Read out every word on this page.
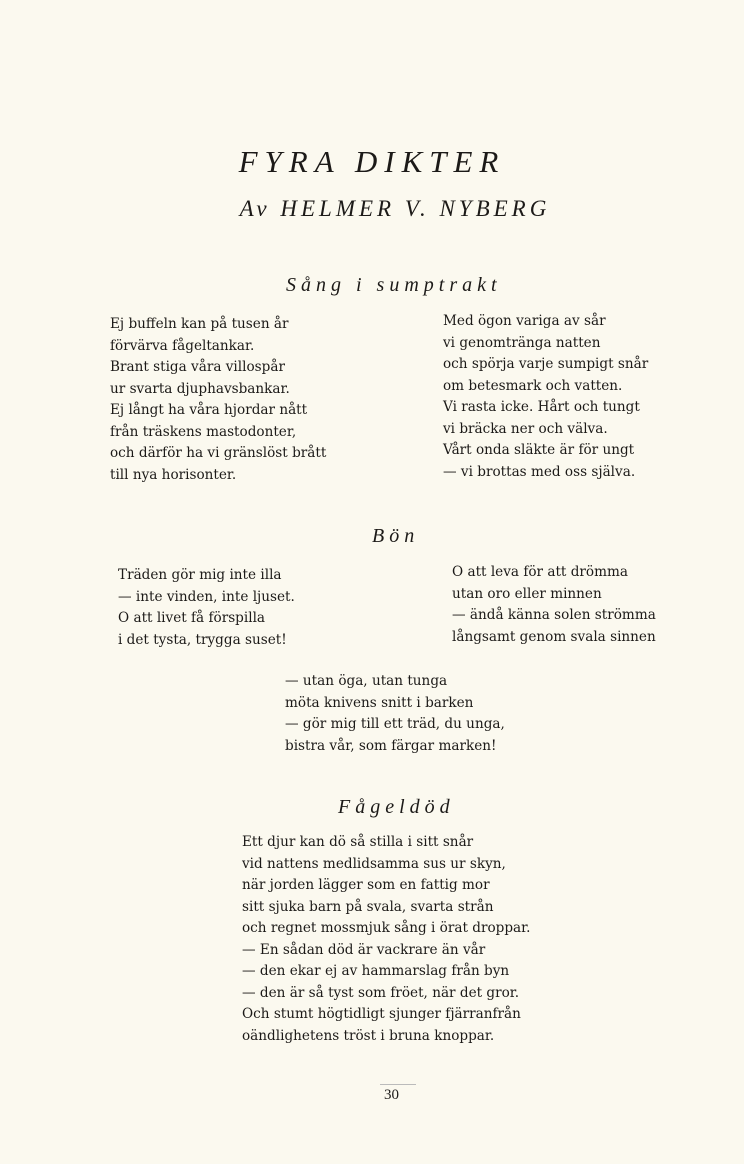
FYRA DIKTER
Av HELMER V. NYBERG
Sång i sumptrakt
Ej buffeln kan på tusen år
förvärva fågeltankar.
Brant stiga våra villospår
ur svarta djuphavsbankar.
Ej långt ha våra hjordar nått
från träskens mastodonter,
och därför ha vi gränslöst brått
till nya horisonter.
Med ögon variga av sår
vi genomtränga natten
och spörja varje sumpigt snår
om betesmark och vatten.
Vi rasta icke. Hårt och tungt
vi bräcka ner och välva.
Vårt onda släkte är för ungt
— vi brottas med oss själva.
Bön
Träden gör mig inte illa
— inte vinden, inte ljuset.
O att livet få förspilla
i det tysta, trygga suset!
O att leva för att drömma
utan oro eller minnen
— ändå känna solen strömma
långsamt genom svala sinnen
— utan öga, utan tunga
möta knivens snitt i barken
— gör mig till ett träd, du unga,
bistra vår, som färgar marken!
Fågeldöd
Ett djur kan dö så stilla i sitt snår
vid nattens medlidsamma sus ur skyn,
när jorden lägger som en fattig mor
sitt sjuka barn på svala, svarta strån
och regnet mossmjuk sång i örat droppar.
— En sådan död är vackrare än vår
— den ekar ej av hammarslag från byn
— den är så tyst som fröet, när det gror.
Och stumt högtidligt sjunger fjärranfrån
oändlighetens tröst i bruna knoppar.
30
